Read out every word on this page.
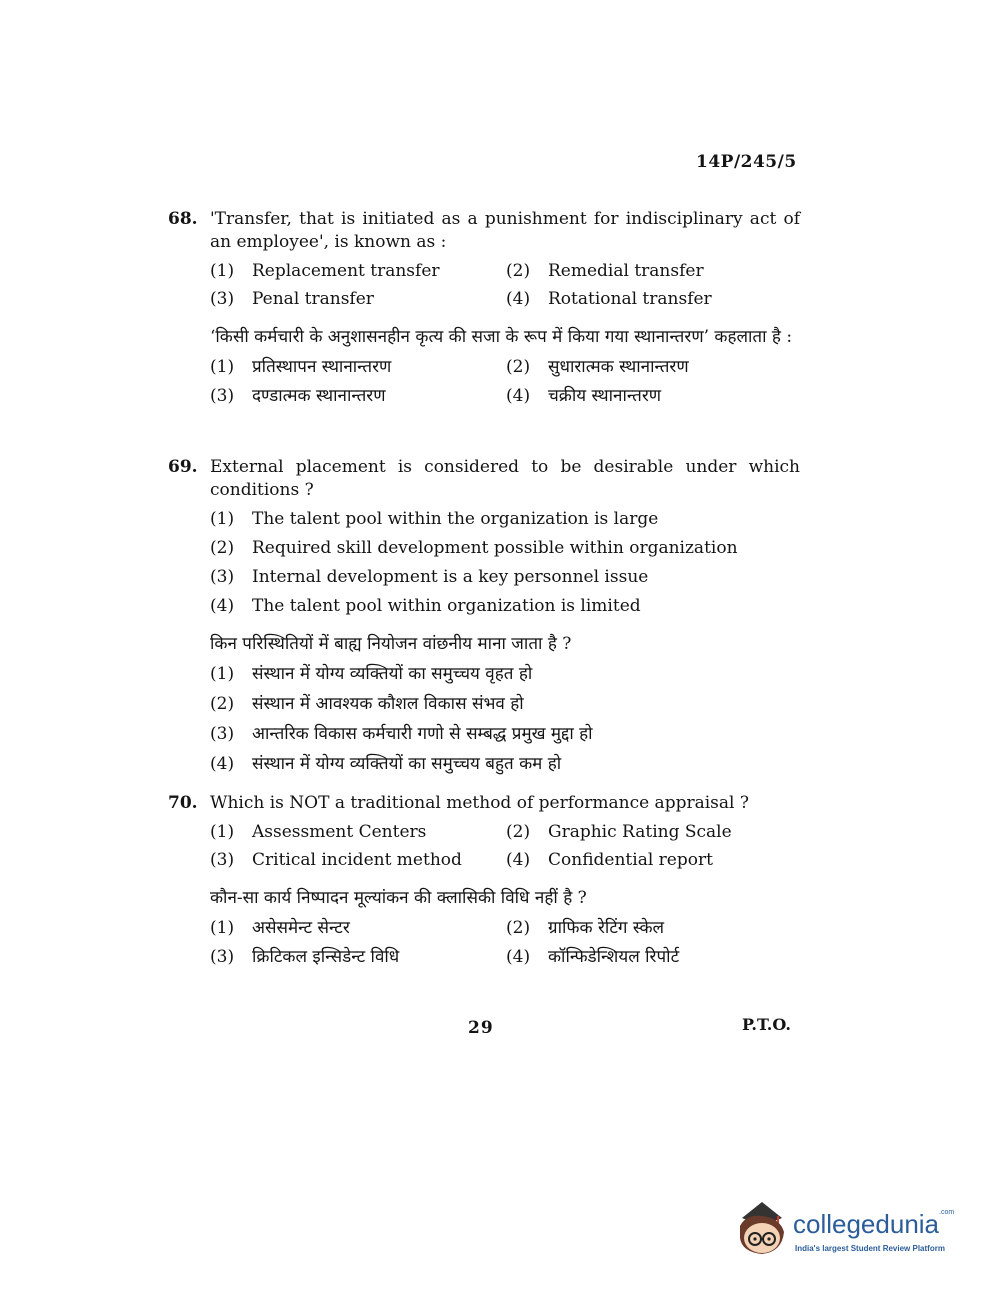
14P/245/5
68. 'Transfer, that is initiated as a punishment for indisciplinary act of an employee', is known as :
(1)	Replacement transfer	(2)	Remedial transfer
(3)	Penal transfer	(4)	Rotational transfer
‘किसी कर्मचारी के अनुशासनहीन कृत्य की सजा के रूप में किया गया स्थानान्तरण’ कहलाता है :
(1)	प्रतिस्थापन स्थानान्तरण	(2)	सुधारात्मक स्थानान्तरण
(3)	दण्डात्मक स्थानान्तरण	(4)	चक्रीय स्थानान्तरण
69. External placement is considered to be desirable under which conditions ?
(1)	The talent pool within the organization is large
(2)	Required skill development possible within organization
(3)	Internal development is a key personnel issue
(4)	The talent pool within organization is limited
किन परिस्थितियों में बाह्य नियोजन वांछनीय माना जाता है ?
(1)	संस्थान में योग्य व्यक्तियों का समुच्चय वृहत हो
(2)	संस्थान में आवश्यक कौशल विकास संभव हो
(3)	आन्तरिक विकास कर्मचारी गणो से सम्बद्ध प्रमुख मुद्दा हो
(4)	संस्थान में योग्य व्यक्तियों का समुच्चय बहुत कम हो
70. Which is NOT a traditional method of performance appraisal ?
(1)	Assessment Centers	(2)	Graphic Rating Scale
(3)	Critical incident method	(4)	Confidential report
कौन-सा कार्य निष्पादन मूल्यांकन की क्लासिकी विधि नहीं है ?
(1)	असेसमेन्ट सेन्टर	(2)	ग्राफिक रेटिंग स्केल
(3)	क्रिटिकल इन्सिडेन्ट विधि	(4)	कॉन्फिडेन्शियल रिपोर्ट
29	P.T.O.
collegedunia$^{.com}$
India's largest Student Review Platform
